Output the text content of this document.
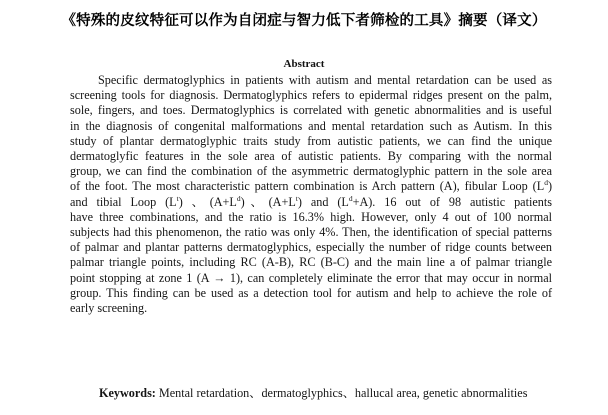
《特殊的皮纹特征可以作为自闭症与智力低下者筛检的工具》摘要（译文）
Abstract
Specific dermatoglyphics in patients with autism and mental retardation can be used as
screening tools for diagnosis. Dermatoglyphics refers to epidermal ridges present on the palm,
sole, fingers, and toes. Dermatoglyphics is correlated with genetic abnormalities and is useful
in the diagnosis of congenital malformations and mental retardation such as Autism. In this
study of plantar dermatoglyphic traits study from autistic patients, we can find the unique
dermatoglyfic features in the sole area of autistic patients. By comparing with the normal
group, we can find the combination of the asymmetric dermatoglyphic pattern in the sole area
of the foot. The most characteristic pattern combination is Arch pattern (A), fibular Loop $(L^d)$
and tibial Loop $(L^t)$ 、$(A+L^d)$、$(A+L^t)$ and $(L^d+A)$. 16 out of 98 autistic patients
have three combinations, and the ratio is 16.3% high. However, only 4 out of 100 normal
subjects had this phenomenon, the ratio was only 4%. Then, the identification of special patterns
of palmar and plantar patterns dermatoglyphics, especially the number of ridge counts between
palmar triangle points, including RC (A-B), RC (B-C) and the main line a of palmar triangle
point stopping at zone 1 (A → 1), can completely eliminate the error that may occur in normal
group. This finding can be used as a detection tool for autism and help to achieve the role of
early screening.
Keywords: Mental retardation、dermatoglyphics、hallucal area, genetic abnormalities
